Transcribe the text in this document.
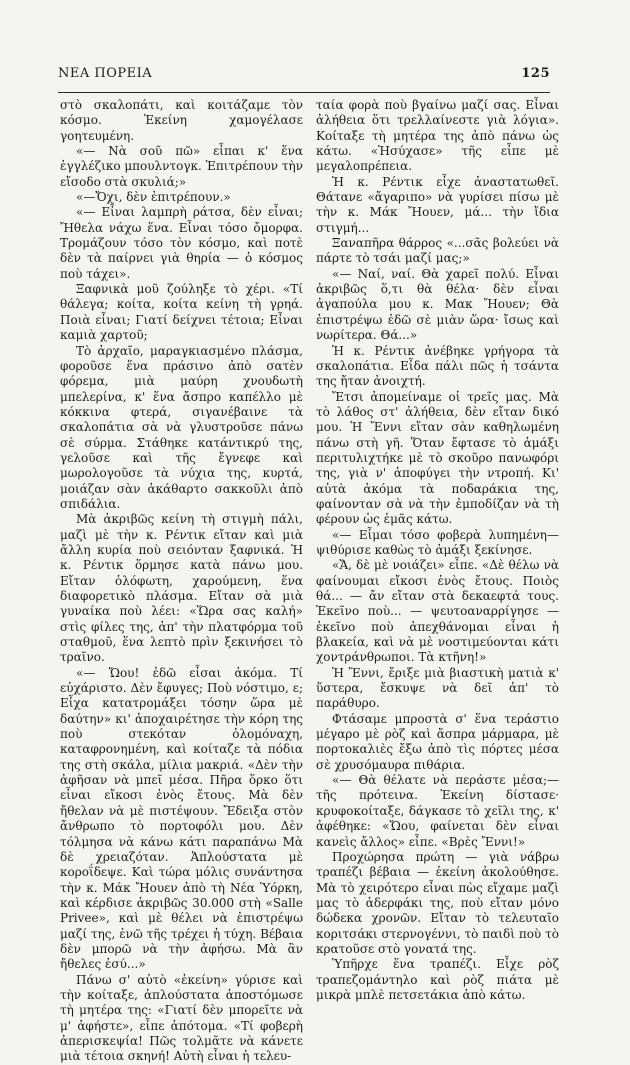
ΝΕΑ ΠΟΡΕΙΑ	125

στὸ σκαλοπάτι, καὶ κοιτάζαμε τὸν κόσμο. Ἐκείνη χαμογέλασε γοητευμένη.

«— Νὰ σοῦ πῶ» εἶπαι κ' ἕνα ἐγγλέζικο μπουλντογκ. Ἐπιτρέπουν τὴν εἴσοδο στὰ σκυλιά;»

«—Ὄχι, δὲν ἐπιτρέπουν.»

«— Εἶναι λαμπρὴ ράτσα, δὲν εἶναι; Ἤθελα νάχω ἕνα. Εἶναι τόσο ὄμορφα. Τρομάζουν τόσο τὸν κόσμο, καὶ ποτὲ δὲν τὰ παίρνει γιὰ θηρία — ὁ κόσμος ποὺ τάχει».

Ξαφνικὰ μοῦ ζούληξε τὸ χέρι. «Τί θάλεγα; κοίτα, κοίτα κείνη τὴ γρηά. Ποιὰ εἶναι; Γιατί δείχνει τέτοια; Εἶναι καμιὰ χαρτοῦ;

Τὸ ἀρχαῖο, μαραγκιασμένο πλάσμα, φοροῦσε ἕνα πράσινο ἀπὸ σατὲν φόρεμα, μιὰ μαύρη χνουδωτὴ μπελερίνα, κ' ἕνα ἄσπρο καπέλλο μὲ κόκκινα φτερά, σιγανέβαινε τὰ σκαλοπάτια σὰ νὰ γλυστροῦσε πάνω σὲ σύρμα. Στάθηκε κατάντικρύ της, γελοῦσε καὶ τῆς ἔγνεφε καὶ μωρολογοῦσε τὰ νύχια της, κυρτά, μοιάζαν σὰν ἀκάθαρτο σακκοῦλι ἀπὸ σπιδάλια.

Μὰ ἀκριβῶς κείνη τὴ στιγμὴ πάλι, μαζὶ μὲ τὴν κ. Ρέντικ εἴταν καὶ μιὰ ἄλλη κυρία ποὺ σειόνταν ξαφνικά. Ἡ κ. Ρέντικ ὅρμησε κατὰ πάνω μου. Εἴταν ὁλόφωτη, χαρούμενη, ἕνα διαφορετικὸ πλάσμα. Εἴταν σὰ μιὰ γυναίκα ποὺ λέει: «Ὥρα σας καλή» στὶς φίλες της, ἀπ' τὴν πλατφόρμα τοῦ σταθμοῦ, ἕνα λεπτὸ πρὶν ξεκινήσει τὸ τραῖνο.

«— Ὤου! ἐδῶ εἶσαι ἀκόμα. Τί εὐχάριστο. Δὲν ἔφυγες; Ποὺ νόστιμο, ε; Εἶχα κατατρομάξει τόσην ὥρα μὲ δαύτην» κι' ἀποχαιρέτησε τὴν κόρη της ποὺ στεκόταν ὁλομόναχη, καταφρονημένη, καὶ κοίταζε τὰ πόδια της στὴ σκάλα, μίλια μακριά. «Δὲν τὴν ἀφῆσαν νὰ μπεῖ μέσα. Πῆρα ὅρκο ὅτι εἶναι εἴκοσι ἐνὸς ἔτους. Μὰ δὲν ἤθελαν νὰ μὲ πιστέψουν. Ἔδειξα στὸν ἄνθρωπο τὸ πορτοφόλι μου. Δὲν τόλμησα νὰ κάνω κάτι παραπάνω Μὰ δὲ χρειαζόταν. Ἁπλούστατα μὲ κοροΐδεψε. Καὶ τώρα μόλις συνάντησα τὴν κ. Μάκ Ἤουεν ἀπὸ τὴ Νέα Ὑόρκη, καὶ κέρδισε ἀκριβῶς 30.000 στὴ «Salle Privee», καὶ μὲ θέλει νὰ ἐπιστρέψω μαζί της, ἐνῶ τῆς τρέχει ἡ τύχη. Βέβαια δὲν μπορῶ νὰ τὴν ἀφήσω. Μὰ ἂν ἤθελες ἐσύ...»

Πάνω σ' αὐτὸ «ἐκείνη» γύρισε καὶ τὴν κοίταξε, ἁπλούστατα ἀποστόμωσε τὴ μητέρα της: «Γιατί δὲν μπορεῖτε νὰ μ' ἀφήστε», εἶπε ἀπότομα. «Τί φοβερὴ ἀπερισκεψία! Πῶς τολμᾶτε νὰ κάνετε μιὰ τέτοια σκηνή! Αὐτὴ εἶναι ἡ τελευ-

ταία φορὰ ποὺ βγαίνω μαζί σας. Εἶναι ἀλήθεια ὅτι τρελλαίνεστε γιὰ λόγια». Κοίταξε τὴ μητέρα της ἀπὸ πάνω ὡς κάτω. «Ἡσύχασε» τῆς εἶπε μὲ μεγαλοπρέπεια.

Ἡ κ. Ρέντικ εἶχε ἀναστατωθεῖ. Θάτανε «ἄγαριπο» νὰ γυρίσει πίσω μὲ τὴν κ. Μάκ Ἤουεν, μά... τὴν ἴδια στιγμή...

Ξαναπῆρα θάρρος «...σᾶς βολεύει νὰ πάρτε τὸ τσάι μαζί μας;»

«— Ναί, ναί. Θὰ χαρεῖ πολύ. Εἶναι ἀκριβῶς ὅ,τι θὰ θέλα· δὲν εἶναι ἀγαπούλα μου κ. Μακ Ἤουεν; Θὰ ἐπιστρέψω ἐδῶ σὲ μιὰν ὥρα· ἴσως καὶ νωρίτερα. Θά...»

Ἡ κ. Ρέντικ ἀνέβηκε γρήγορα τὰ σκαλοπάτια. Εἶδα πάλι πῶς ἡ τσάντα της ἤταν ἀνοιχτή.

Ἔτσι ἀπομείναμε οἱ τρεῖς μας. Μὰ τὸ λάθος στ' ἀλήθεια, δὲν εἴταν δικό μου. Ἡ Ἔννι εἴταν σὰν καθηλωμένη πάνω στὴ γῆ. Ὅταν ἔφτασε τὸ ἁμάξι περιτυλιχτήκε μὲ τὸ σκοῦρο πανωφόρι της, γιὰ ν' ἀποφύγει τὴν ντροπή. Κι' αὐτὰ ἀκόμα τὰ ποδαράκια της, φαίνονταν σὰ νὰ τὴν ἐμποδίζαν νὰ τὴ φέρουν ὡς ἐμᾶς κάτω.

«— Εἶμαι τόσο φοβερὰ λυπημένη— ψιθύρισε καθὼς τὸ ἁμάξι ξεκίνησε.

«Ἄ, δὲ μὲ νοιάζει» εἶπε. «Δὲ θέλω νὰ φαίνουμαι εἴκοσι ἑνὸς ἔτους. Ποιὸς θά... — ἄν εἴταν στὰ δεκαεφτά τους. Ἐκεῖνο ποὺ... — ψευτοαναρρίγησε — ἐκεῖνο ποὺ ἀπεχθάνομαι εἶναι ἡ βλακεία, καὶ νὰ μὲ νοστιμεύονται κάτι χοντράνθρωποι. Τὰ κτῆνη!»

Ἡ Ἔννι, ἔριξε μιὰ βιαστικὴ ματιὰ κ' ὕστερα, ἔσκυψε νὰ δεῖ ἀπ' τὸ παράθυρο.

Φτάσαμε μπροστὰ σ' ἕνα τεράστιο μέγαρο μὲ ρὸζ καὶ ἄσπρα μάρμαρα, μὲ πορτοκαλιὲς ἔξω ἀπὸ τὶς πόρτες μέσα σὲ χρυσόμαυρα πιθάρια.

«— Θὰ θέλατε νὰ περάστε μέσα;— τῆς πρότεινα. Ἐκείνη δίστασε· κρυφοκοίταξε, δάγκασε τὸ χεῖλι της, κ' ἀφέθηκε: «Ὤου, φαίνεται δὲν εἶναι κανεὶς ἄλλος» εἶπε. «Βρὲς Ἔννι!»

Προχώρησα πρώτη — γιὰ νάβρω τραπέζι βέβαια — ἐκείνη ἀκολούθησε. Μὰ τὸ χειρότερο εἶναι πὼς εἴχαμε μαζὶ μας τὸ ἀδερφάκι της, ποὺ εἴταν μόνο δώδεκα χρονῶν. Εἴταν τὸ τελευταῖο κοριτσάκι στερνογέννι, τὸ παιδὶ ποὺ τὸ κρατοῦσε στὸ γονατά της.

Ὑπῆρχε ἕνα τραπέζι. Εἶχε ρὸζ τραπεζομάντηλο καὶ ρὸζ πιάτα μὲ μικρὰ μπλὲ πετσετάκια ἀπὸ κάτω.
